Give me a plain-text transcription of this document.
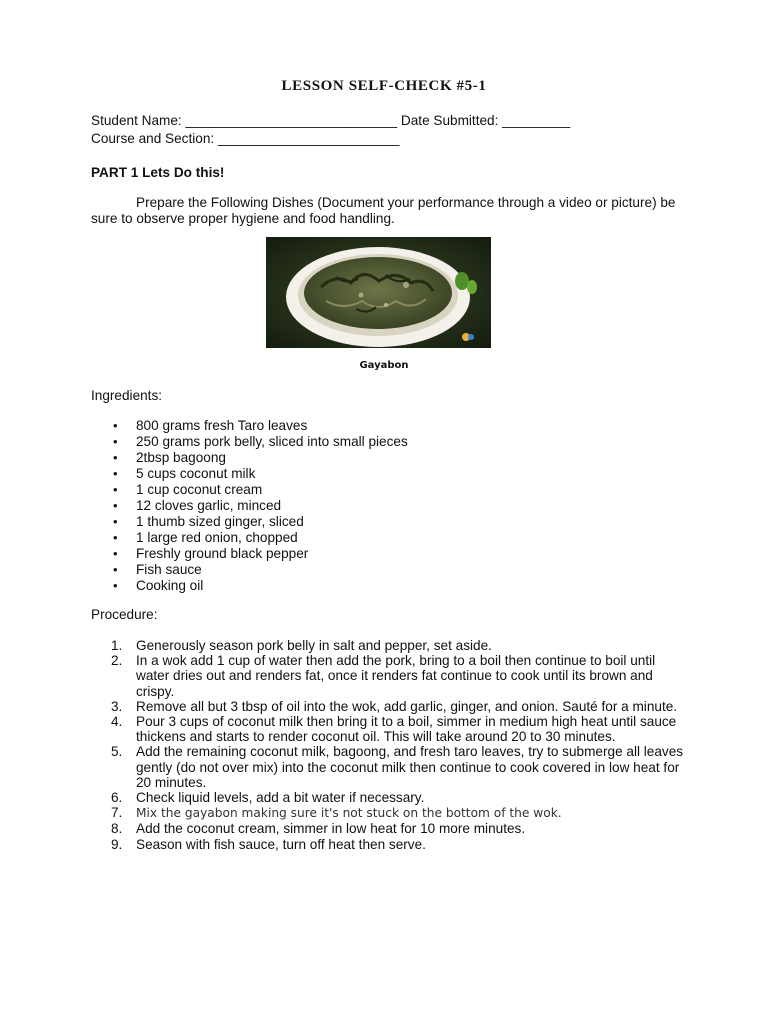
LESSON SELF-CHECK #5-1
Student Name: ____________________________ Date Submitted: _________
Course and Section: ________________________
PART 1 Lets Do this!
Prepare the Following Dishes (Document your performance through a video or picture) be sure to observe proper hygiene and food handling.
Gayabon
Ingredients:
• 800 grams fresh Taro leaves
• 250 grams pork belly, sliced into small pieces
• 2tbsp bagoong
• 5 cups coconut milk
• 1 cup coconut cream
• 12 cloves garlic, minced
• 1 thumb sized ginger, sliced
• 1 large red onion, chopped
• Freshly ground black pepper
• Fish sauce
• Cooking oil
Procedure:
1. Generously season pork belly in salt and pepper, set aside.
2. In a wok add 1 cup of water then add the pork, bring to a boil then continue to boil until water dries out and renders fat, once it renders fat continue to cook until its brown and crispy.
3. Remove all but 3 tbsp of oil into the wok, add garlic, ginger, and onion. Sauté for a minute.
4. Pour 3 cups of coconut milk then bring it to a boil, simmer in medium high heat until sauce thickens and starts to render coconut oil. This will take around 20 to 30 minutes.
5. Add the remaining coconut milk, bagoong, and fresh taro leaves, try to submerge all leaves gently (do not over mix) into the coconut milk then continue to cook covered in low heat for 20 minutes.
6. Check liquid levels, add a bit water if necessary.
7. Mix the gayabon making sure it's not stuck on the bottom of the wok.
8. Add the coconut cream, simmer in low heat for 10 more minutes.
9. Season with fish sauce, turn off heat then serve.
